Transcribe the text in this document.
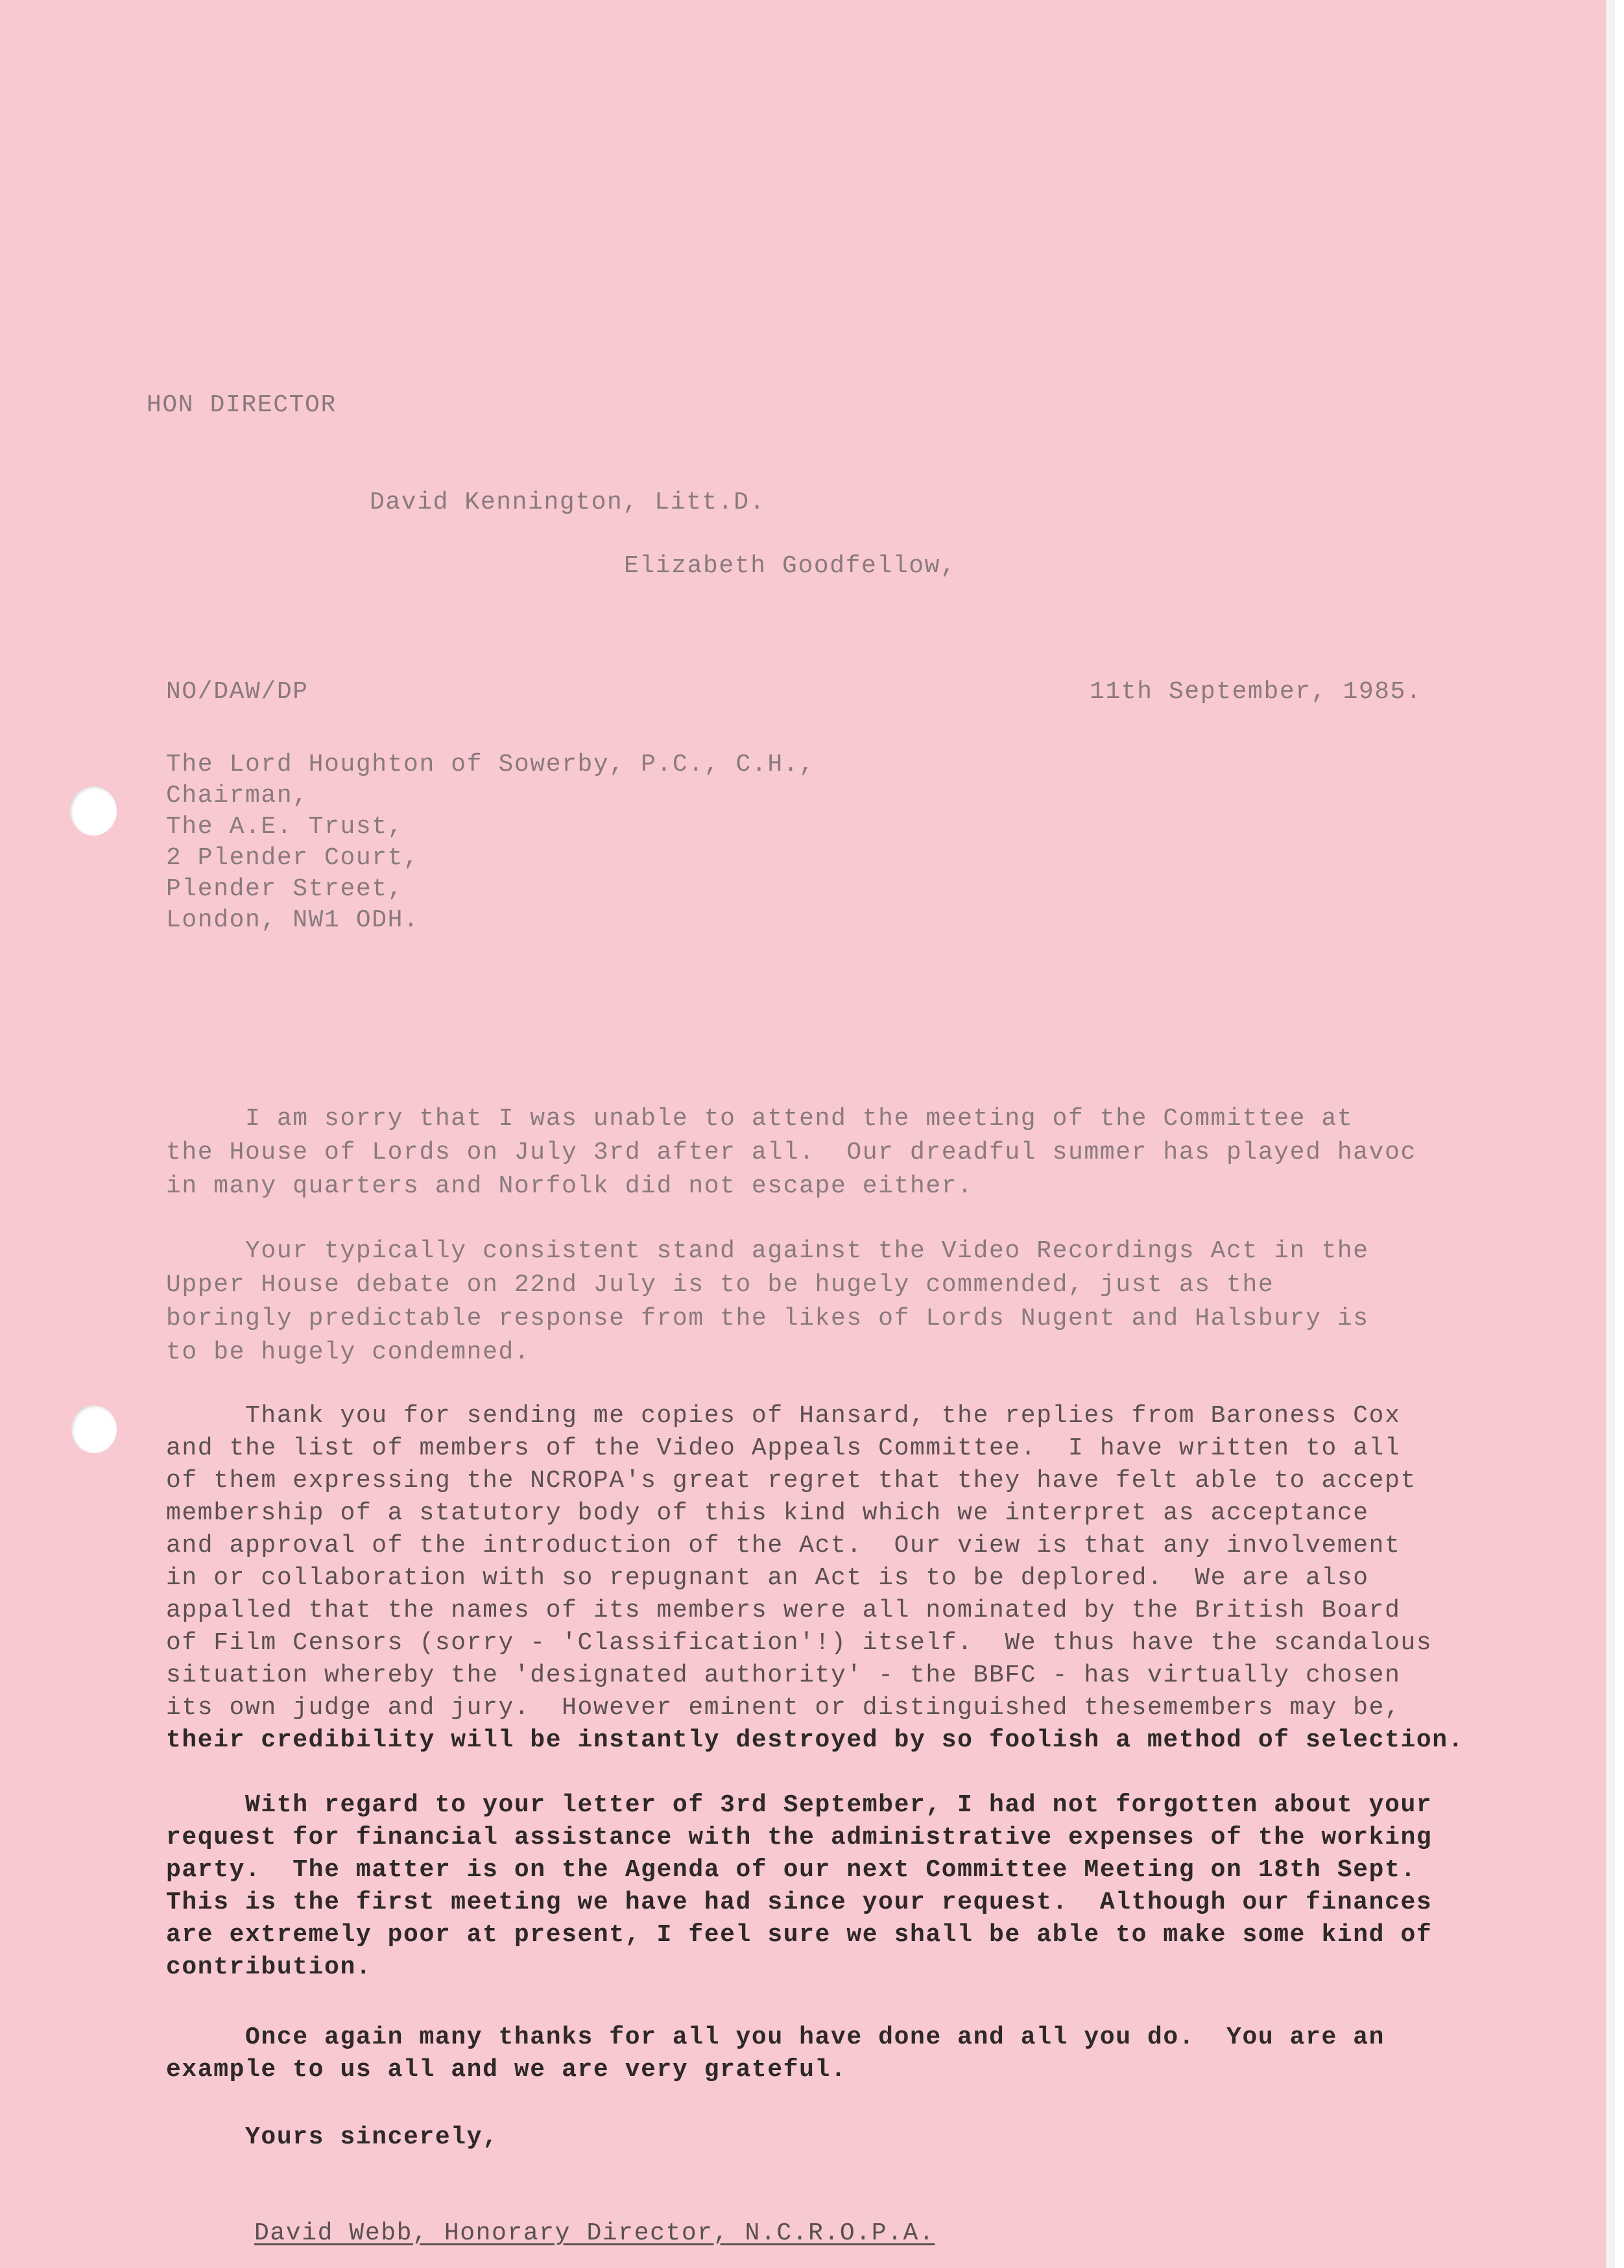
HON DIRECTOR
David Kennington, Litt.D.
Elizabeth Goodfellow,
NO/DAW/DP	11th September, 1985.
The Lord Houghton of Sowerby, P.C., C.H.,
Chairman,
The A.E. Trust,
2 Plender Court,
Plender Street,
London, NW1 ODH.
I am sorry that I was unable to attend the meeting of the Committee at
the House of Lords on July 3rd after all.  Our dreadful summer has played havoc
in many quarters and Norfolk did not escape either.
Your typically consistent stand against the Video Recordings Act in the
Upper House debate on 22nd July is to be hugely commended, just as the
boringly predictable response from the likes of Lords Nugent and Halsbury is
to be hugely condemned.
Thank you for sending me copies of Hansard, the replies from Baroness Cox
and the list of members of the Video Appeals Committee.  I have written to all
of them expressing the NCROPA's great regret that they have felt able to accept
membership of a statutory body of this kind which we interpret as acceptance
and approval of the introduction of the Act.  Our view is that any involvement
in or collaboration with so repugnant an Act is to be deplored.  We are also
appalled that the names of its members were all nominated by the British Board
of Film Censors (sorry - 'Classification'!) itself.  We thus have the scandalous
situation whereby the 'designated authority' - the BBFC - has virtually chosen
its own judge and jury.  However eminent or distinguished thesemembers may be,
their credibility will be instantly destroyed by so foolish a method of selection.
With regard to your letter of 3rd September, I had not forgotten about your
request for financial assistance with the administrative expenses of the working
party.  The matter is on the Agenda of our next Committee Meeting on 18th Sept.
This is the first meeting we have had since your request.  Although our finances
are extremely poor at present, I feel sure we shall be able to make some kind of
contribution.
Once again many thanks for all you have done and all you do.  You are an
example to us all and we are very grateful.
Yours sincerely,
David Webb, Honorary Director, N.C.R.O.P.A.
